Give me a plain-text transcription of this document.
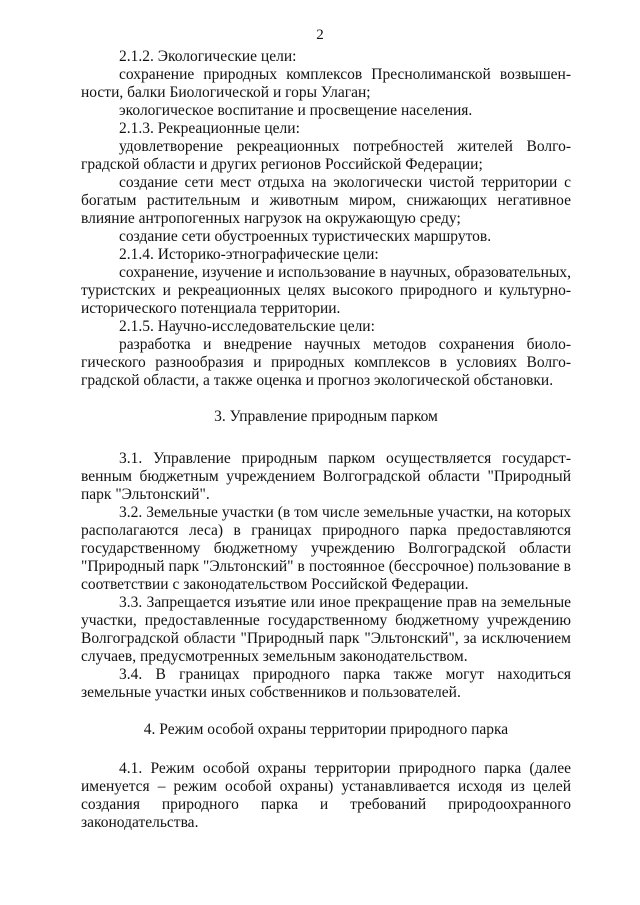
2

2.1.2. Экологические цели:

сохранение природных комплексов Преснолиманской возвышенности, балки Биологической и горы Улаган;

экологическое воспитание и просвещение населения.

2.1.3. Рекреационные цели:

удовлетворение рекреационных потребностей жителей Волгоградской области и других регионов Российской Федерации;

создание сети мест отдыха на экологически чистой территории с богатым растительным и животным миром, снижающих негативное влияние антропогенных нагрузок на окружающую среду;

создание сети обустроенных туристических маршрутов.

2.1.4. Историко-этнографические цели:

сохранение, изучение и использование в научных, образовательных, туристских и рекреационных целях высокого природного и культурно-исторического потенциала территории.

2.1.5. Научно-исследовательские цели:

разработка и внедрение научных методов сохранения биологического разнообразия и природных комплексов в условиях Волгоградской области, а также оценка и прогноз экологической обстановки.

3. Управление природным парком

3.1. Управление природным парком осуществляется государственным бюджетным учреждением Волгоградской области "Природный парк "Эльтонский".

3.2. Земельные участки (в том числе земельные участки, на которых располагаются леса) в границах природного парка предоставляются государственному бюджетному учреждению Волгоградской области "Природный парк "Эльтонский" в постоянное (бессрочное) пользование в соответствии с законодательством Российской Федерации.

3.3. Запрещается изъятие или иное прекращение прав на земельные участки, предоставленные государственному бюджетному учреждению Волгоградской области "Природный парк "Эльтонский", за исключением случаев, предусмотренных земельным законодательством.

3.4. В границах природного парка также могут находиться земельные участки иных собственников и пользователей.

4. Режим особой охраны территории природного парка

4.1. Режим особой охраны территории природного парка (далее именуется – режим особой охраны) устанавливается исходя из целей создания природного парка и требований природоохранного законодательства.
